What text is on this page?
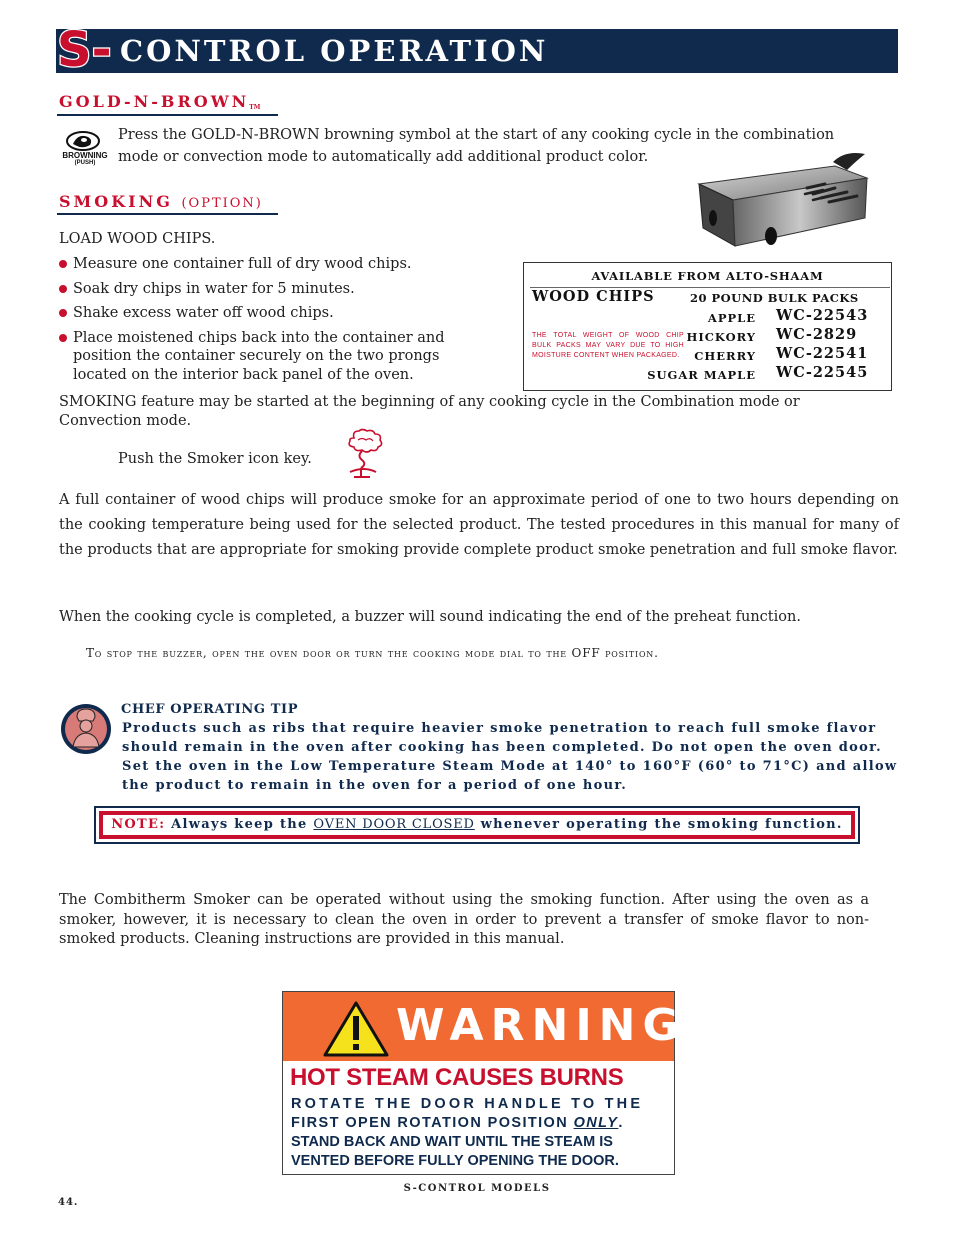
S- CONTROL OPERATION
GOLD-N-BROWNTM
BROWNING
(PUSH)
Press the GOLD-N-BROWN browning symbol at the start of any cooking cycle in the combination mode or convection mode to automatically add additional product color.
SMOKING (OPTION)
LOAD WOOD CHIPS.
Measure one container full of dry wood chips.
Soak dry chips in water for 5 minutes.
Shake excess water off wood chips.
Place moistened chips back into the container and position the container securely on the two prongs located on the interior back panel of the oven.
AVAILABLE FROM ALTO-SHAAM
WOOD CHIPS	20 POUND BULK PACKS
THE TOTAL WEIGHT OF WOOD CHIP BULK PACKS MAY VARY DUE TO HIGH MOISTURE CONTENT WHEN PACKAGED.
APPLE WC-22543
HICKORY WC-2829
CHERRY WC-22541
SUGAR MAPLE WC-22545
SMOKING feature may be started at the beginning of any cooking cycle in the Combination mode or Convection mode.
Push the Smoker icon key.
A full container of wood chips will produce smoke for an approximate period of one to two hours depending on the cooking temperature being used for the selected product. The tested procedures in this manual for many of the products that are appropriate for smoking provide complete product smoke penetration and full smoke flavor.
When the cooking cycle is completed, a buzzer will sound indicating the end of the preheat function.
To stop the buzzer, open the oven door or turn the cooking mode dial to the OFF position.
CHEF OPERATING TIP
Products such as ribs that require heavier smoke penetration to reach full smoke flavor
should remain in the oven after cooking has been completed. Do not open the oven door.
Set the oven in the Low Temperature Steam Mode at 140° to 160°F (60° to 71°C) and allow
the product to remain in the oven for a period of one hour.
NOTE: Always keep the OVEN DOOR CLOSED whenever operating the smoking function.
The Combitherm Smoker can be operated without using the smoking function. After using the oven as a smoker, however, it is necessary to clean the oven in order to prevent a transfer of smoke flavor to non-smoked products. Cleaning instructions are provided in this manual.
WARNING
HOT STEAM CAUSES BURNS
ROTATE THE DOOR HANDLE TO THE
FIRST OPEN ROTATION POSITION ONLY.
STAND BACK AND WAIT UNTIL THE STEAM IS
VENTED BEFORE FULLY OPENING THE DOOR.
S-CONTROL MODELS
44.
